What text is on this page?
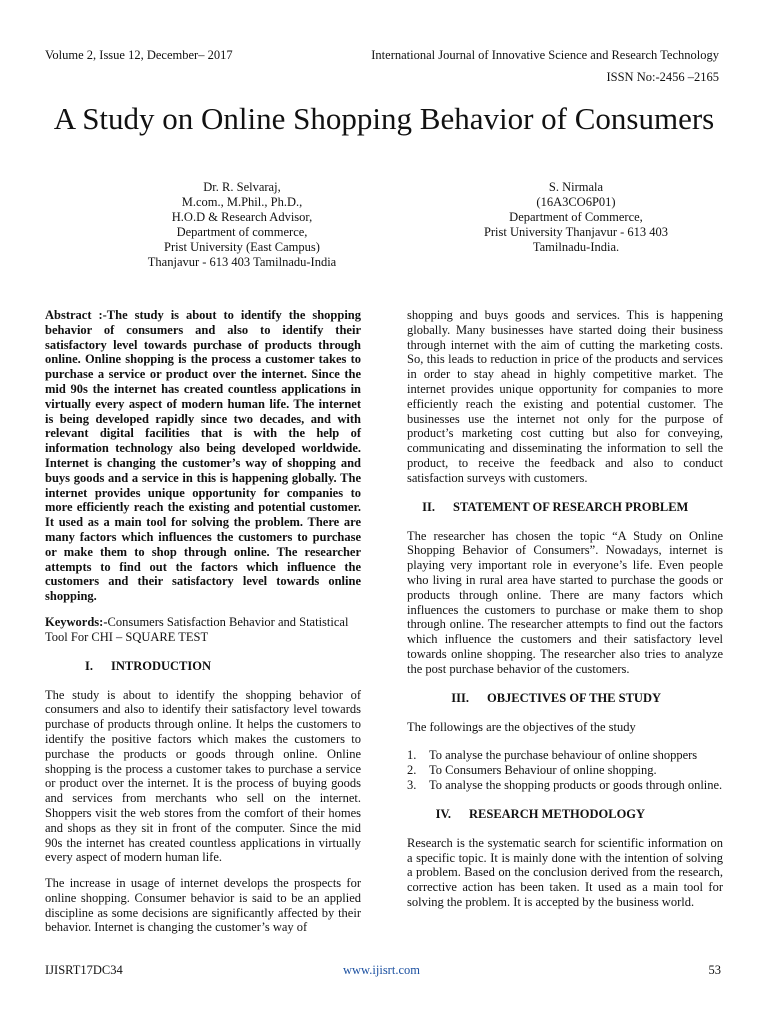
Volume 2, Issue 12, December– 2017	International Journal of Innovative Science and Research Technology
ISSN No:-2456 –2165
A Study on Online Shopping Behavior of Consumers
Dr. R. Selvaraj,
M.com., M.Phil., Ph.D.,
H.O.D & Research Advisor,
Department of commerce,
Prist University (East Campus)
Thanjavur - 613 403 Tamilnadu-India
S. Nirmala
(16A3CO6P01)
Department of Commerce,
Prist University Thanjavur - 613 403
Tamilnadu-India.

Abstract :-The study is about to identify the shopping behavior of consumers and also to identify their satisfactory level towards purchase of products through online. Online shopping is the process a customer takes to purchase a service or product over the internet. Since the mid 90s the internet has created countless applications in virtually every aspect of modern human life. The internet is being developed rapidly since two decades, and with relevant digital facilities that is with the help of information technology also being developed worldwide. Internet is changing the customer’s way of shopping and buys goods and a service in this is happening globally. The internet provides unique opportunity for companies to more efficiently reach the existing and potential customer. It used as a main tool for solving the problem. There are many factors which influences the customers to purchase or make them to shop through online. The researcher attempts to find out the factors which influence the customers and their satisfactory level towards online shopping.

Keywords:-Consumers Satisfaction Behavior and Statistical Tool For CHI – SQUARE TEST

I. INTRODUCTION

The study is about to identify the shopping behavior of consumers and also to identify their satisfactory level towards purchase of products through online. It helps the customers to identify the positive factors which makes the customers to purchase the products or goods through online. Online shopping is the process a customer takes to purchase a service or product over the internet. It is the process of buying goods and services from merchants who sell on the internet. Shoppers visit the web stores from the comfort of their homes and shops as they sit in front of the computer. Since the mid 90s the internet has created countless applications in virtually every aspect of modern human life.

The increase in usage of internet develops the prospects for online shopping. Consumer behavior is said to be an applied discipline as some decisions are significantly affected by their behavior. Internet is changing the customer’s way of

shopping and buys goods and services. This is happening globally. Many businesses have started doing their business through internet with the aim of cutting the marketing costs. So, this leads to reduction in price of the products and services in order to stay ahead in highly competitive market. The internet provides unique opportunity for companies to more efficiently reach the existing and potential customer. The businesses use the internet not only for the purpose of product’s marketing cost cutting but also for conveying, communicating and disseminating the information to sell the product, to receive the feedback and also to conduct satisfaction surveys with customers.

II. STATEMENT OF RESEARCH PROBLEM

The researcher has chosen the topic “A Study on Online Shopping Behavior of Consumers”. Nowadays, internet is playing very important role in everyone’s life. Even people who living in rural area have started to purchase the goods or products through online. There are many factors which influences the customers to purchase or make them to shop through online. The researcher attempts to find out the factors which influence the customers and their satisfactory level towards online shopping. The researcher also tries to analyze the post purchase behavior of the customers.

III. OBJECTIVES OF THE STUDY

The followings are the objectives of the study

1. To analyse the purchase behaviour of online shoppers
2. To Consumers Behaviour of online shopping.
3. To analyse the shopping products or goods through online.
IV. RESEARCH METHODOLOGY

Research is the systematic search for scientific information on a specific topic. It is mainly done with the intention of solving a problem. Based on the conclusion derived from the research, corrective action has been taken. It used as a main tool for solving the problem. It is accepted by the business world.

IJISRT17DC34	www.ijisrt.com	53
